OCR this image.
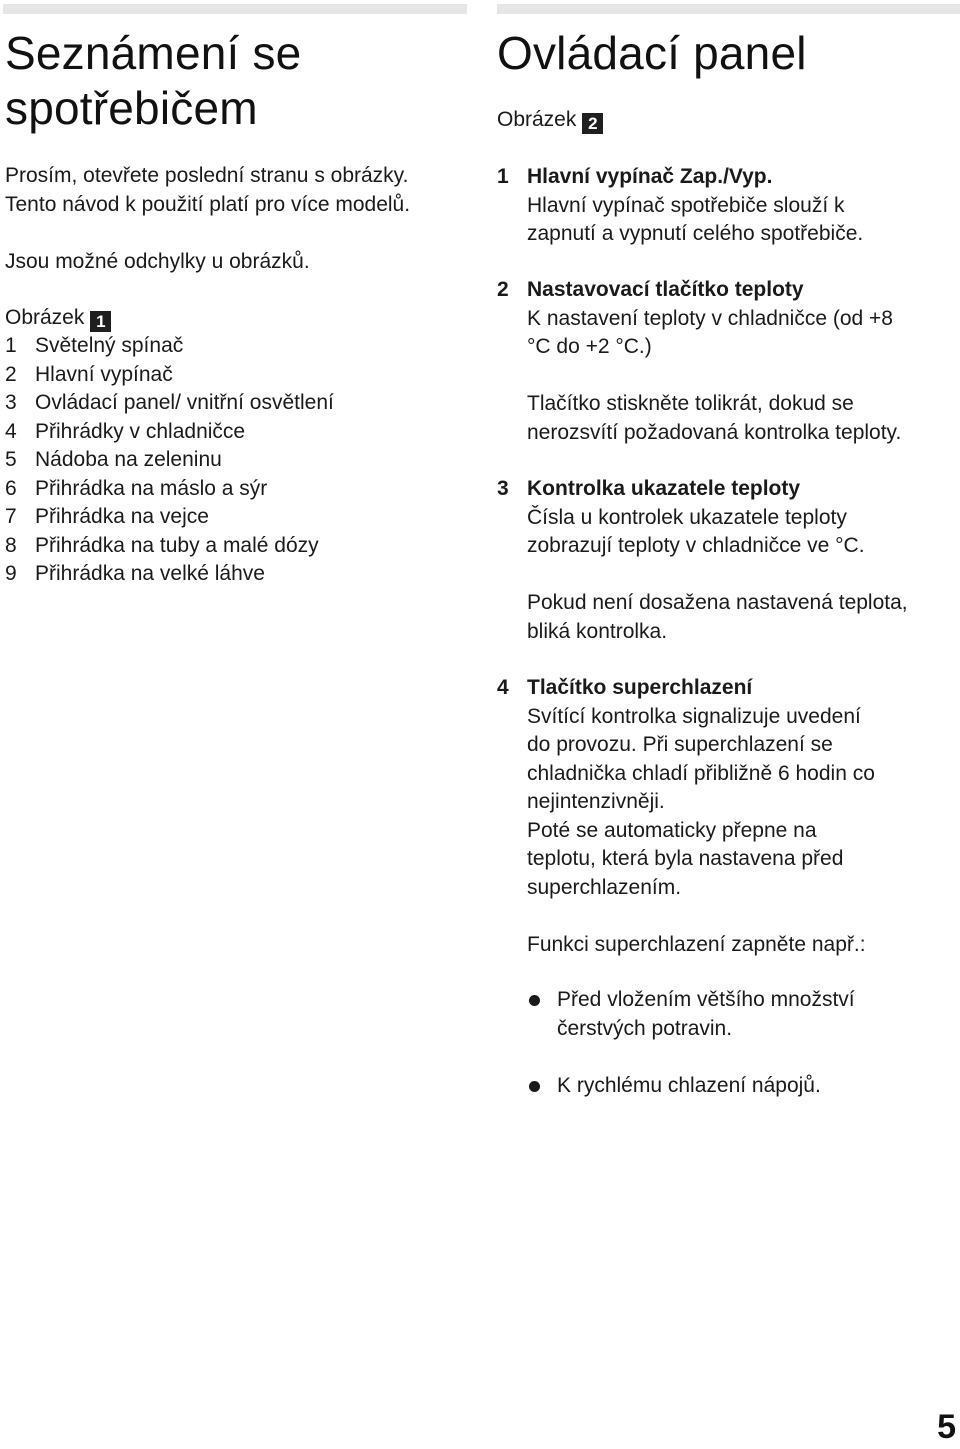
Seznámení se
spotřebičem
Prosím, otevřete poslední stranu s obrázky.
Tento návod k použití platí pro více modelů.
Jsou možné odchylky u obrázků.
Obrázek 1
1 Světelný spínač
2 Hlavní vypínač
3 Ovládací panel/ vnitřní osvětlení
4 Přihrádky v chladničce
5 Nádoba na zeleninu
6 Přihrádka na máslo a sýr
7 Přihrádka na vejce
8 Přihrádka na tuby a malé dózy
9 Přihrádka na velké láhve
Ovládací panel
Obrázek 2
1 Hlavní vypínač Zap./Vyp.
Hlavní vypínač spotřebiče slouží k
zapnutí a vypnutí celého spotřebiče.
2 Nastavovací tlačítko teploty
K nastavení teploty v chladničce (od +8
°C do +2 °C.)
Tlačítko stiskněte tolikrát, dokud se
nerozsvítí požadovaná kontrolka teploty.
3 Kontrolka ukazatele teploty
Čísla u kontrolek ukazatele teploty
zobrazují teploty v chladničce ve °C.
Pokud není dosažena nastavená teplota,
bliká kontrolka.
4 Tlačítko superchlazení
Svítící kontrolka signalizuje uvedení
do provozu. Při superchlazení se
chladnička chladí přibližně 6 hodin co
nejintenzivněji.
Poté se automaticky přepne na
teplotu, která byla nastavena před
superchlazením.
Funkci superchlazení zapněte např.:
Před vložením většího množství
čerstvých potravin.
K rychlému chlazení nápojů.
5
